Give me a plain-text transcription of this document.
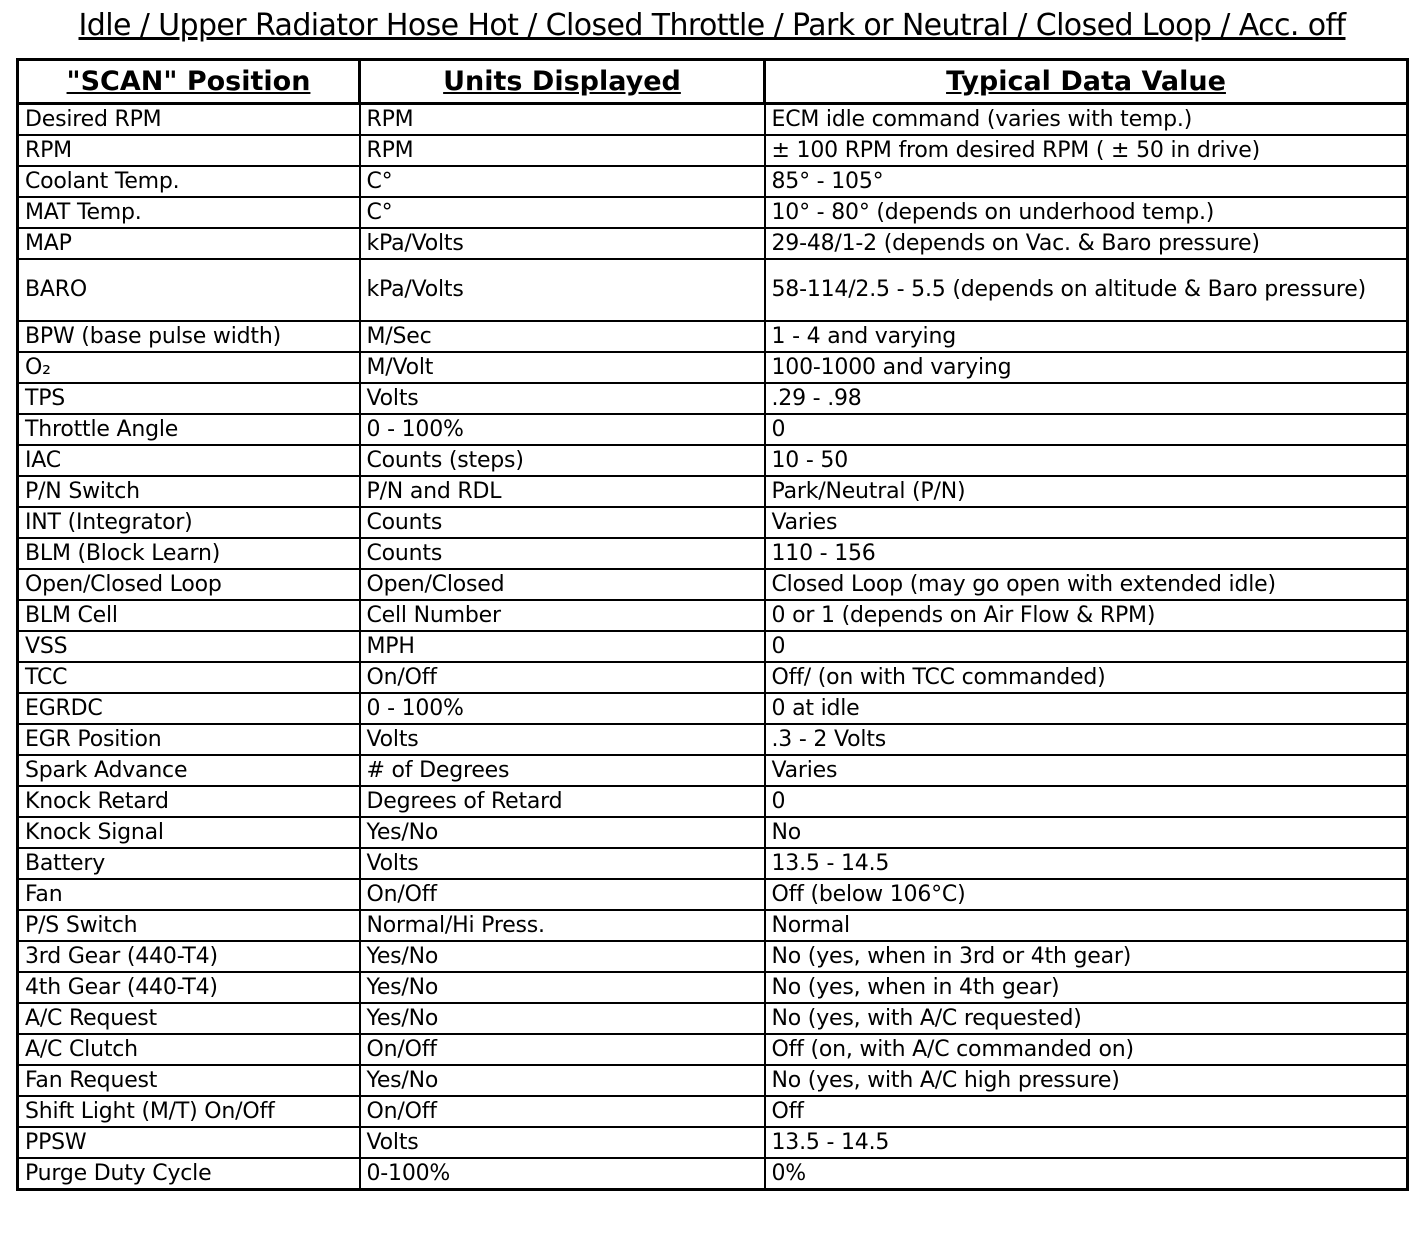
Idle / Upper Radiator Hose Hot / Closed Throttle / Park or Neutral / Closed Loop / Acc. off
"SCAN" Position	Units Displayed	Typical Data Value
Desired RPM	RPM	ECM idle command (varies with temp.)
RPM	RPM	± 100 RPM from desired RPM ( ± 50 in drive)
Coolant Temp.	C°	85° - 105°
MAT Temp.	C°	10° - 80° (depends on underhood temp.)
MAP	kPa/Volts	29-48/1-2 (depends on Vac. & Baro pressure)
BARO	kPa/Volts	58-114/2.5 - 5.5 (depends on altitude & Baro pressure)
BPW (base pulse width)	M/Sec	1 - 4 and varying
O₂	M/Volt	100-1000 and varying
TPS	Volts	.29 - .98
Throttle Angle	0 - 100%	0
IAC	Counts (steps)	10 - 50
P/N Switch	P/N and RDL	Park/Neutral (P/N)
INT (Integrator)	Counts	Varies
BLM (Block Learn)	Counts	110 - 156
Open/Closed Loop	Open/Closed	Closed Loop (may go open with extended idle)
BLM Cell	Cell Number	0 or 1 (depends on Air Flow & RPM)
VSS	MPH	0
TCC	On/Off	Off/ (on with TCC commanded)
EGRDC	0 - 100%	0 at idle
EGR Position	Volts	.3 - 2 Volts
Spark Advance	# of Degrees	Varies
Knock Retard	Degrees of Retard	0
Knock Signal	Yes/No	No
Battery	Volts	13.5 - 14.5
Fan	On/Off	Off (below 106°C)
P/S Switch	Normal/Hi Press.	Normal
3rd Gear (440-T4)	Yes/No	No (yes, when in 3rd or 4th gear)
4th Gear (440-T4)	Yes/No	No (yes, when in 4th gear)
A/C Request	Yes/No	No (yes, with A/C requested)
A/C Clutch	On/Off	Off (on, with A/C commanded on)
Fan Request	Yes/No	No (yes, with A/C high pressure)
Shift Light (M/T) On/Off	On/Off	Off
PPSW	Volts	13.5 - 14.5
Purge Duty Cycle	0-100%	0%
